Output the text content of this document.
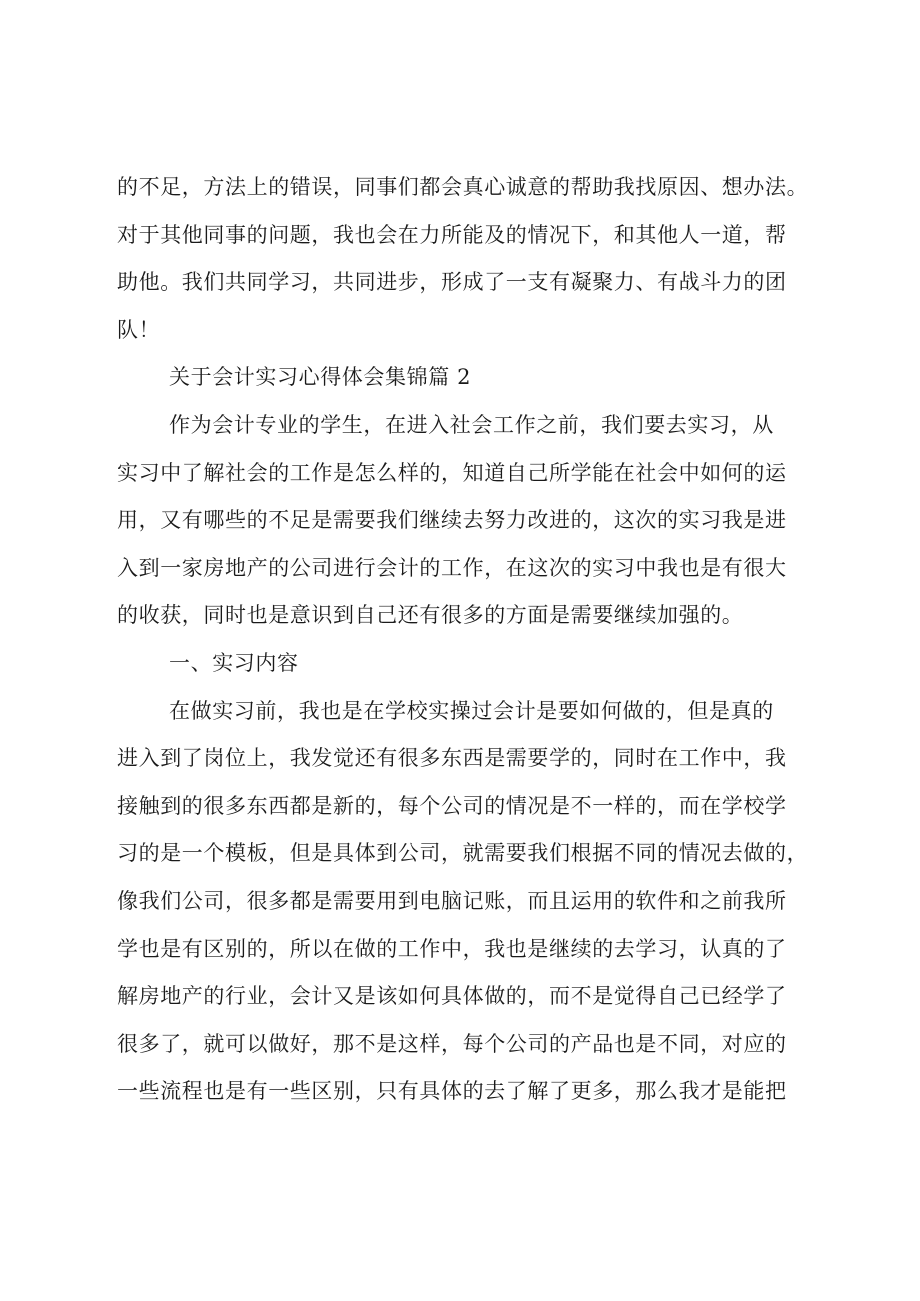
的不足，方法上的错误，同事们都会真心诚意的帮助我找原因、想办法。
对于其他同事的问题，我也会在力所能及的情况下，和其他人一道，帮
助他。我们共同学习，共同进步，形成了一支有凝聚力、有战斗力的团
队！
关于会计实习心得体会集锦篇 2
作为会计专业的学生，在进入社会工作之前，我们要去实习，从
实习中了解社会的工作是怎么样的，知道自己所学能在社会中如何的运
用，又有哪些的不足是需要我们继续去努力改进的，这次的实习我是进
入到一家房地产的公司进行会计的工作，在这次的实习中我也是有很大
的收获，同时也是意识到自己还有很多的方面是需要继续加强的。
一、实习内容
在做实习前，我也是在学校实操过会计是要如何做的，但是真的
进入到了岗位上，我发觉还有很多东西是需要学的，同时在工作中，我
接触到的很多东西都是新的，每个公司的情况是不一样的，而在学校学
习的是一个模板，但是具体到公司，就需要我们根据不同的情况去做的，
像我们公司，很多都是需要用到电脑记账，而且运用的软件和之前我所
学也是有区别的，所以在做的工作中，我也是继续的去学习，认真的了
解房地产的行业，会计又是该如何具体做的，而不是觉得自己已经学了
很多了，就可以做好，那不是这样，每个公司的产品也是不同，对应的
一些流程也是有一些区别，只有具体的去了解了更多，那么我才是能把
